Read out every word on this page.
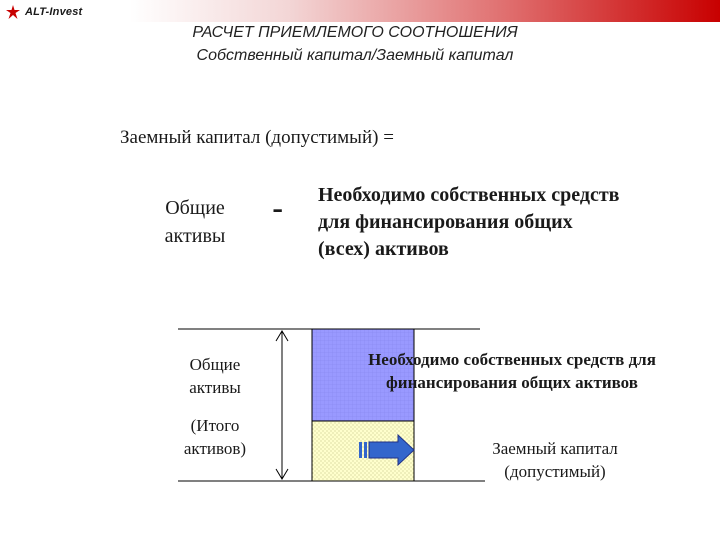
ALT-Invest
РАСЧЕТ ПРИЕМЛЕМОГО СООТНОШЕНИЯ
Собственный капитал/Заемный капитал
Заемный капитал (допустимый) =
Общие
активы
- Необходимо собственных средств
для финансирования общих
(всех) активов
Общие
активы
(Итого
активов)
Необходимо собственных средств для
финансирования общих активов
Заемный капитал
(допустимый)
